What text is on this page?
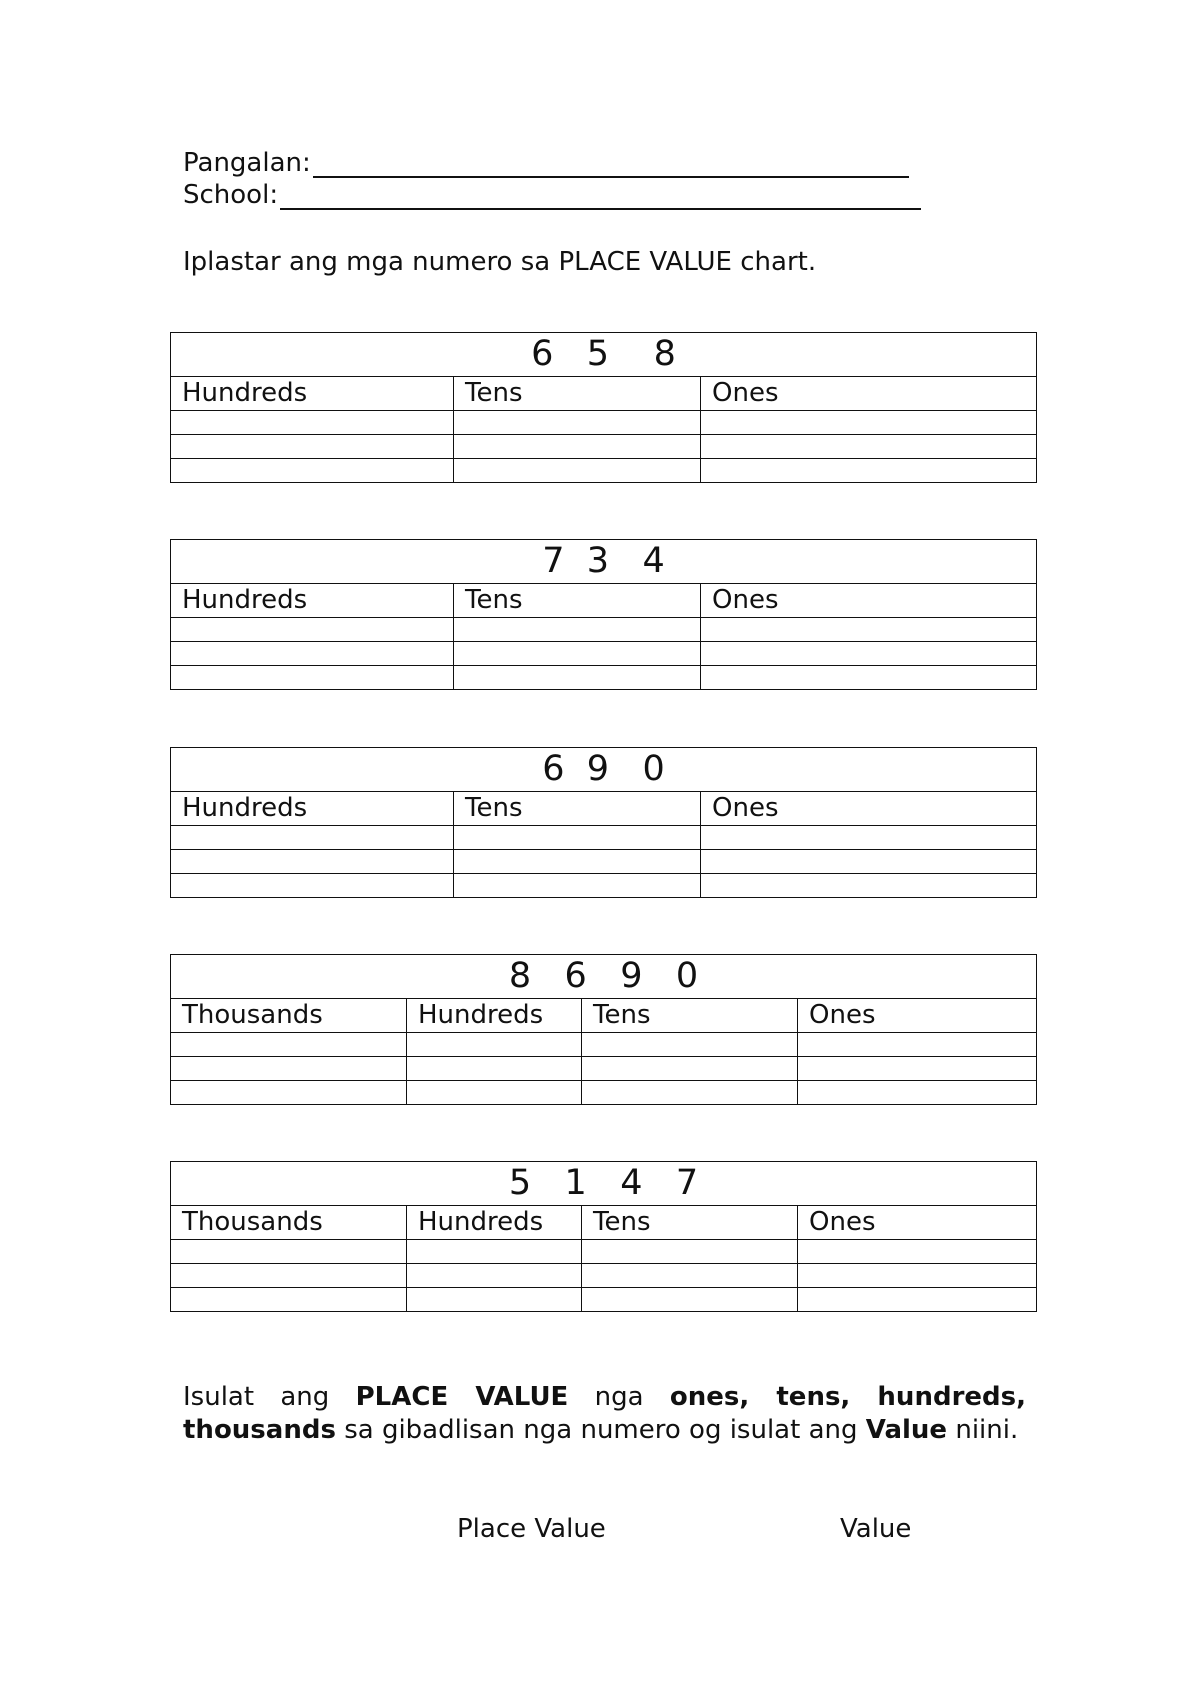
Pangalan:
School:
Iplastar ang mga numero sa PLACE VALUE chart.
6   5    8		
Hundreds	Tens	Ones

7  3   4		
Hundreds	Tens	Ones

6  9   0		
Hundreds	Tens	Ones

8   6   9   0			
Thousands	Hundreds	Tens	Ones

5   1   4   7			
Thousands	Hundreds	Tens	Ones

Isulat ang PLACE VALUE nga ones, tens, hundreds, thousands sa gibadlisan nga numero og isulat ang Value niini.

Place Value	Value
